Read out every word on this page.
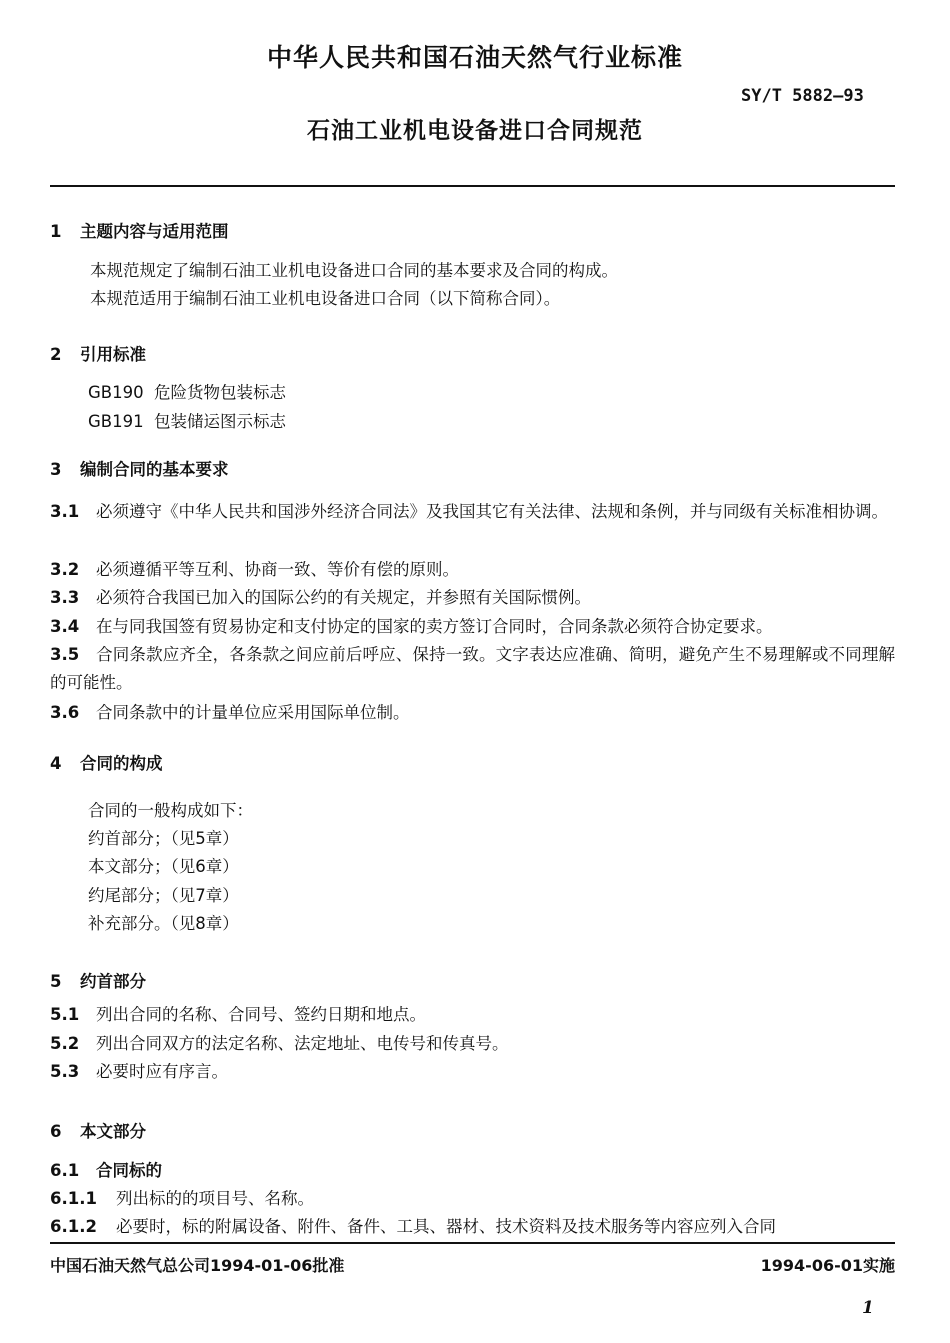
中华人民共和国石油天然气行业标准
SY/T 5882—93
石油工业机电设备进口合同规范
1 主题内容与适用范围
本规范规定了编制石油工业机电设备进口合同的基本要求及合同的构成。
本规范适用于编制石油工业机电设备进口合同（以下简称合同）。
2 引用标准
GB190 危险货物包装标志
GB191 包装储运图示标志
3 编制合同的基本要求
3.1 必须遵守《中华人民共和国涉外经济合同法》及我国其它有关法律、法规和条例，并与同级有关标准相协调。
3.2 必须遵循平等互利、协商一致、等价有偿的原则。
3.3 必须符合我国已加入的国际公约的有关规定，并参照有关国际惯例。
3.4 在与同我国签有贸易协定和支付协定的国家的卖方签订合同时，合同条款必须符合协定要求。
3.5 合同条款应齐全，各条款之间应前后呼应、保持一致。文字表达应准确、简明，避免产生不易理解或不同理解的可能性。
3.6 合同条款中的计量单位应采用国际单位制。
4 合同的构成
合同的一般构成如下：
约首部分；（见5章）
本文部分；（见6章）
约尾部分；（见7章）
补充部分。（见8章）
5 约首部分
5.1 列出合同的名称、合同号、签约日期和地点。
5.2 列出合同双方的法定名称、法定地址、电传号和传真号。
5.3 必要时应有序言。
6 本文部分
6.1 合同标的
6.1.1 列出标的的项目号、名称。
6.1.2 必要时，标的附属设备、附件、备件、工具、器材、技术资料及技术服务等内容应列入合同
中国石油天然气总公司1994-01-06批准	1994-06-01实施
1
